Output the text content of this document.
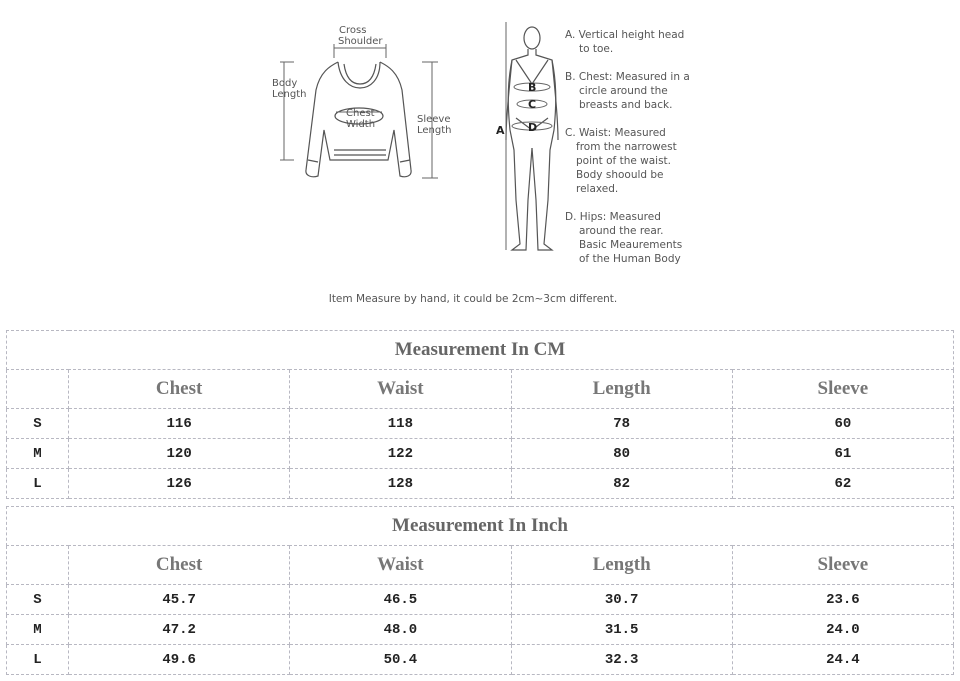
Cross
Shoulder
Body
Length
Chest
Width	Sleeve
Length	A
B
C
D
A. Vertical height head
to toe.
B. Chest: Measured in a
circle around the
breasts and back.
C. Waist: Measured
from the narrowest
point of the waist.
Body shoould be
relaxed.
D. Hips: Measured
around the rear.
Basic Meaurements
of the Human Body
Item Measure by hand, it could be 2cm~3cm different.
Measurement In CM				
	Chest	Waist	Length	Sleeve
S	116	118	78	60
M	120	122	80	61
L	126	128	82	62
Measurement In Inch				
	Chest	Waist	Length	Sleeve
S	45.7	46.5	30.7	23.6
M	47.2	48.0	31.5	24.0
L	49.6	50.4	32.3	24.4
